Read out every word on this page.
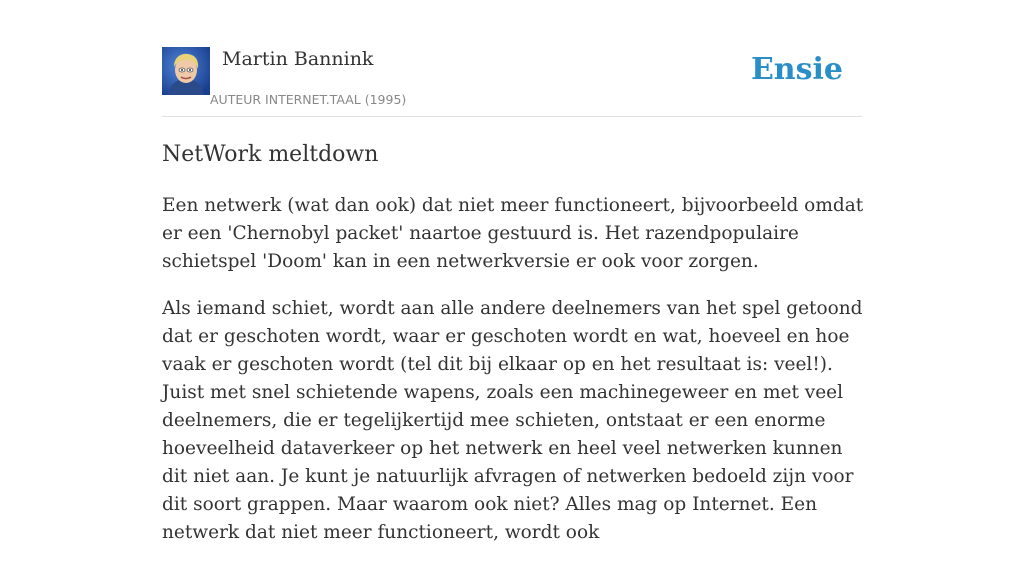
Martin Bannink
AUTEUR INTERNET.TAAL (1995)
Ensie
NetWork meltdown

Een netwerk (wat dan ook) dat niet meer functioneert, bijvoorbeeld omdat er een 'Chernobyl packet' naartoe gestuurd is. Het razendpopulaire schietspel 'Doom' kan in een netwerkversie er ook voor zorgen.

Als iemand schiet, wordt aan alle andere deelnemers van het spel getoond dat er geschoten wordt, waar er geschoten wordt en wat, hoeveel en hoe vaak er geschoten wordt (tel dit bij elkaar op en het resultaat is: veel!). Juist met snel schietende wapens, zoals een machinegeweer en met veel deelnemers, die er tegelijkertijd mee schieten, ontstaat er een enorme hoeveelheid dataverkeer op het netwerk en heel veel netwerken kunnen dit niet aan. Je kunt je natuurlijk afvragen of netwerken bedoeld zijn voor dit soort grappen. Maar waarom ook niet? Alles mag op Internet. Een netwerk dat niet meer functioneert, wordt ook
